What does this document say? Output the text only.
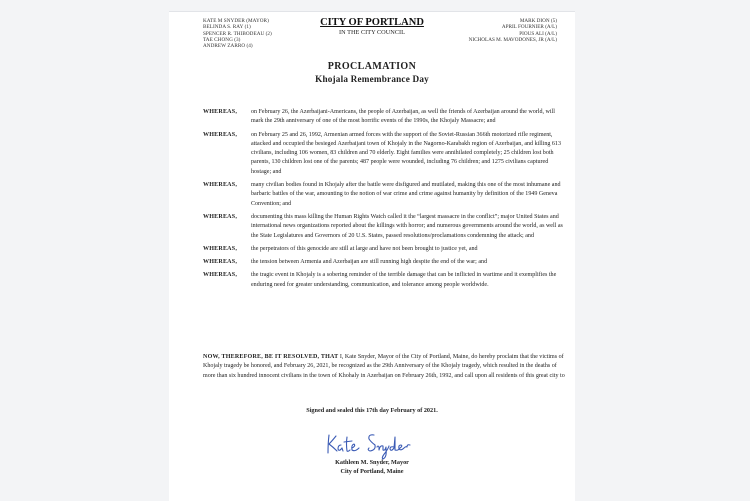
KATE M SNYDER (MAYOR)
BELINDA S. RAY (1)
SPENCER R. THIBODEAU (2)
TAE CHONG (3)
ANDREW ZARRO (4)
CITY OF PORTLAND
IN THE CITY COUNCIL
MARK DION (5)
APRIL FOURNIER (A/L)
PIOUS ALI (A/L)
NICHOLAS M. MAVODONES, JR (A/L)
PROCLAMATION
Khojala Remembrance Day
WHEREAS,	on February 26, the Azerbaijani-Americans, the people of Azerbaijan, as well the friends of Azerbaijan around the world, will mark the 29th anniversary of one of the most horrific events of the 1990s, the Khojaly Massacre; and
WHEREAS,	on February 25 and 26, 1992, Armenian armed forces with the support of the Soviet-Russian 366th motorized rifle regiment, attacked and occupied the besieged Azerbaijani town of Khojaly in the Nagorno-Karabakh region of Azerbaijan, and killing 613 civilians, including 106 women, 83 children and 70 elderly. Eight families were annihilated completely; 25 children lost both parents, 130 children lost one of the parents; 487 people were wounded, including 76 children; and 1275 civilians captured hostage; and
WHEREAS,	many civilian bodies found in Khojaly after the battle were disfigured and mutilated, making this one of the most inhumane and barbaric battles of the war, amounting to the notion of war crime and crime against humanity by definition of the 1949 Geneva Convention; and
WHEREAS,	documenting this mass killing the Human Rights Watch called it the “largest massacre in the conflict”; major United States and international news organizations reported about the killings with horror; and numerous governments around the world, as well as the State Legislatures and Governors of 20 U.S. States, passed resolutions/proclamations condemning the attack; and
WHEREAS,	the perpetrators of this genocide are still at large and have not been brought to justice yet, and
WHEREAS,	the tension between Armenia and Azerbaijan are still running high despite the end of the war; and
WHEREAS,	the tragic event in Khojaly is a sobering reminder of the terrible damage that can be inflicted in wartime and it exemplifies the enduring need for greater understanding, communication, and tolerance among people worldwide.
NOW, THEREFORE, BE IT RESOLVED, THAT I, Kate Snyder, Mayor of the City of Portland, Maine, do hereby proclaim that the victims of Khojaly tragedy be honored, and February 26, 2021, be recognized as the 29th Anniversary of the Khojaly tragedy, which resulted in the deaths of more than six hundred innocent civilians in the town of Khohaly in Azerbaijan on February 26th, 1992, and call upon all residents of this great city to
Signed and sealed this 17th day February of 2021.
Kathleen M. Snyder, Mayor
City of Portland, Maine
